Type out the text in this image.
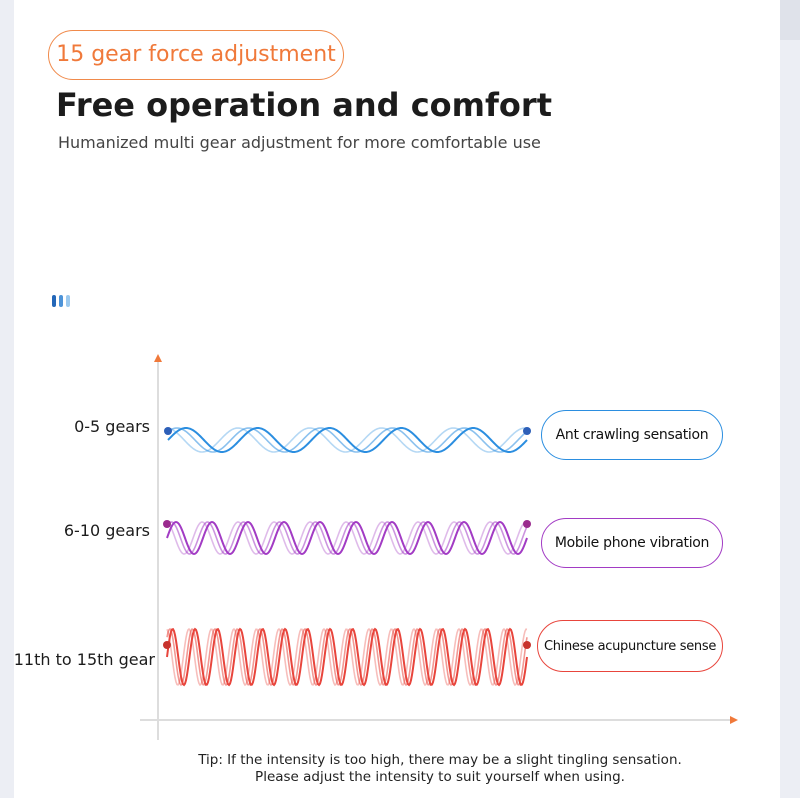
15 gear force adjustment
Free operation and comfort
Humanized multi gear adjustment for more comfortable use
0-5 gears
6-10 gears
11th to 15th gear
Ant crawling sensation
Mobile phone vibration
Chinese acupuncture sense
Tip: If the intensity is too high, there may be a slight tingling sensation.
Please adjust the intensity to suit yourself when using.
